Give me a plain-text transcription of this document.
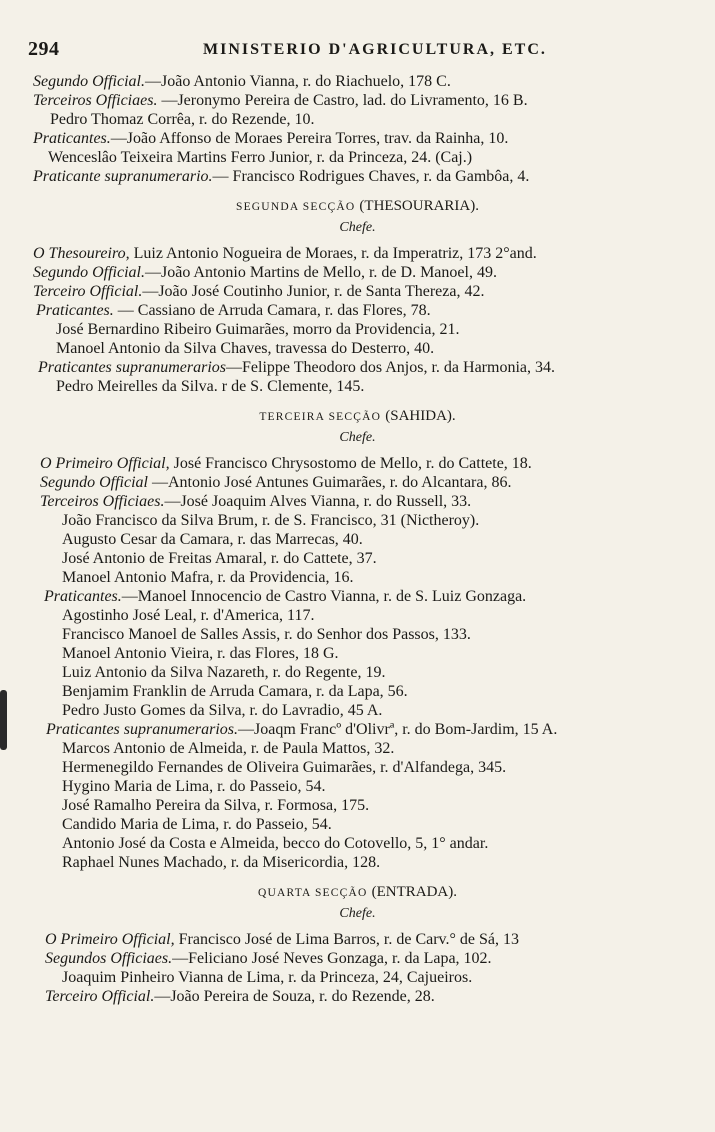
294	MINISTERIO D'AGRICULTURA, ETC.
Segundo Official.—João Antonio Vianna, r. do Riachuelo, 178 C.
Terceiros Officiaes. —Jeronymo Pereira de Castro, lad. do Livramento, 16 B.
Pedro Thomaz Corrêa, r. do Rezende, 10.
Praticantes.—João Affonso de Moraes Pereira Torres, trav. da Rainha, 10.
Wenceslâo Teixeira Martins Ferro Junior, r. da Princeza, 24. (Caj.)
Praticante supranumerario.— Francisco Rodrigues Chaves, r. da Gambôa, 4.
SEGUNDA SECÇÃO (THESOURARIA).
Chefe.
O Thesoureiro, Luiz Antonio Nogueira de Moraes, r. da Imperatriz, 173 2°and.
Segundo Official.—João Antonio Martins de Mello, r. de D. Manoel, 49.
Terceiro Official.—João José Coutinho Junior, r. de Santa Thereza, 42.
Praticantes. — Cassiano de Arruda Camara, r. das Flores, 78.
José Bernardino Ribeiro Guimarães, morro da Providencia, 21.
Manoel Antonio da Silva Chaves, travessa do Desterro, 40.
Praticantes supranumerarios—Felippe Theodoro dos Anjos, r. da Harmonia, 34.
Pedro Meirelles da Silva. r de S. Clemente, 145.
TERCEIRA SECÇÃO (SAHIDA).
Chefe.
O Primeiro Official, José Francisco Chrysostomo de Mello, r. do Cattete, 18.
Segundo Official —Antonio José Antunes Guimarães, r. do Alcantara, 86.
Terceiros Officiaes.—José Joaquim Alves Vianna, r. do Russell, 33.
João Francisco da Silva Brum, r. de S. Francisco, 31 (Nictheroy).
Augusto Cesar da Camara, r. das Marrecas, 40.
José Antonio de Freitas Amaral, r. do Cattete, 37.
Manoel Antonio Mafra, r. da Providencia, 16.
Praticantes.—Manoel Innocencio de Castro Vianna, r. de S. Luiz Gonzaga.
Agostinho José Leal, r. d'America, 117.
Francisco Manoel de Salles Assis, r. do Senhor dos Passos, 133.
Manoel Antonio Vieira, r. das Flores, 18 G.
Luiz Antonio da Silva Nazareth, r. do Regente, 19.
Benjamim Franklin de Arruda Camara, r. da Lapa, 56.
Pedro Justo Gomes da Silva, r. do Lavradio, 45 A.
Praticantes supranumerarios.—Joaqm Francº d'Olivrª, r. do Bom-Jardim, 15 A.
Marcos Antonio de Almeida, r. de Paula Mattos, 32.
Hermenegildo Fernandes de Oliveira Guimarães, r. d'Alfandega, 345.
Hygino Maria de Lima, r. do Passeio, 54.
José Ramalho Pereira da Silva, r. Formosa, 175.
Candido Maria de Lima, r. do Passeio, 54.
Antonio José da Costa e Almeida, becco do Cotovello, 5, 1° andar.
Raphael Nunes Machado, r. da Misericordia, 128.
QUARTA SECÇÃO (ENTRADA).
Chefe.
O Primeiro Official, Francisco José de Lima Barros, r. de Carv.° de Sá, 13
Segundos Officiaes.—Feliciano José Neves Gonzaga, r. da Lapa, 102.
Joaquim Pinheiro Vianna de Lima, r. da Princeza, 24, Cajueiros.
Terceiro Official.—João Pereira de Souza, r. do Rezende, 28.
